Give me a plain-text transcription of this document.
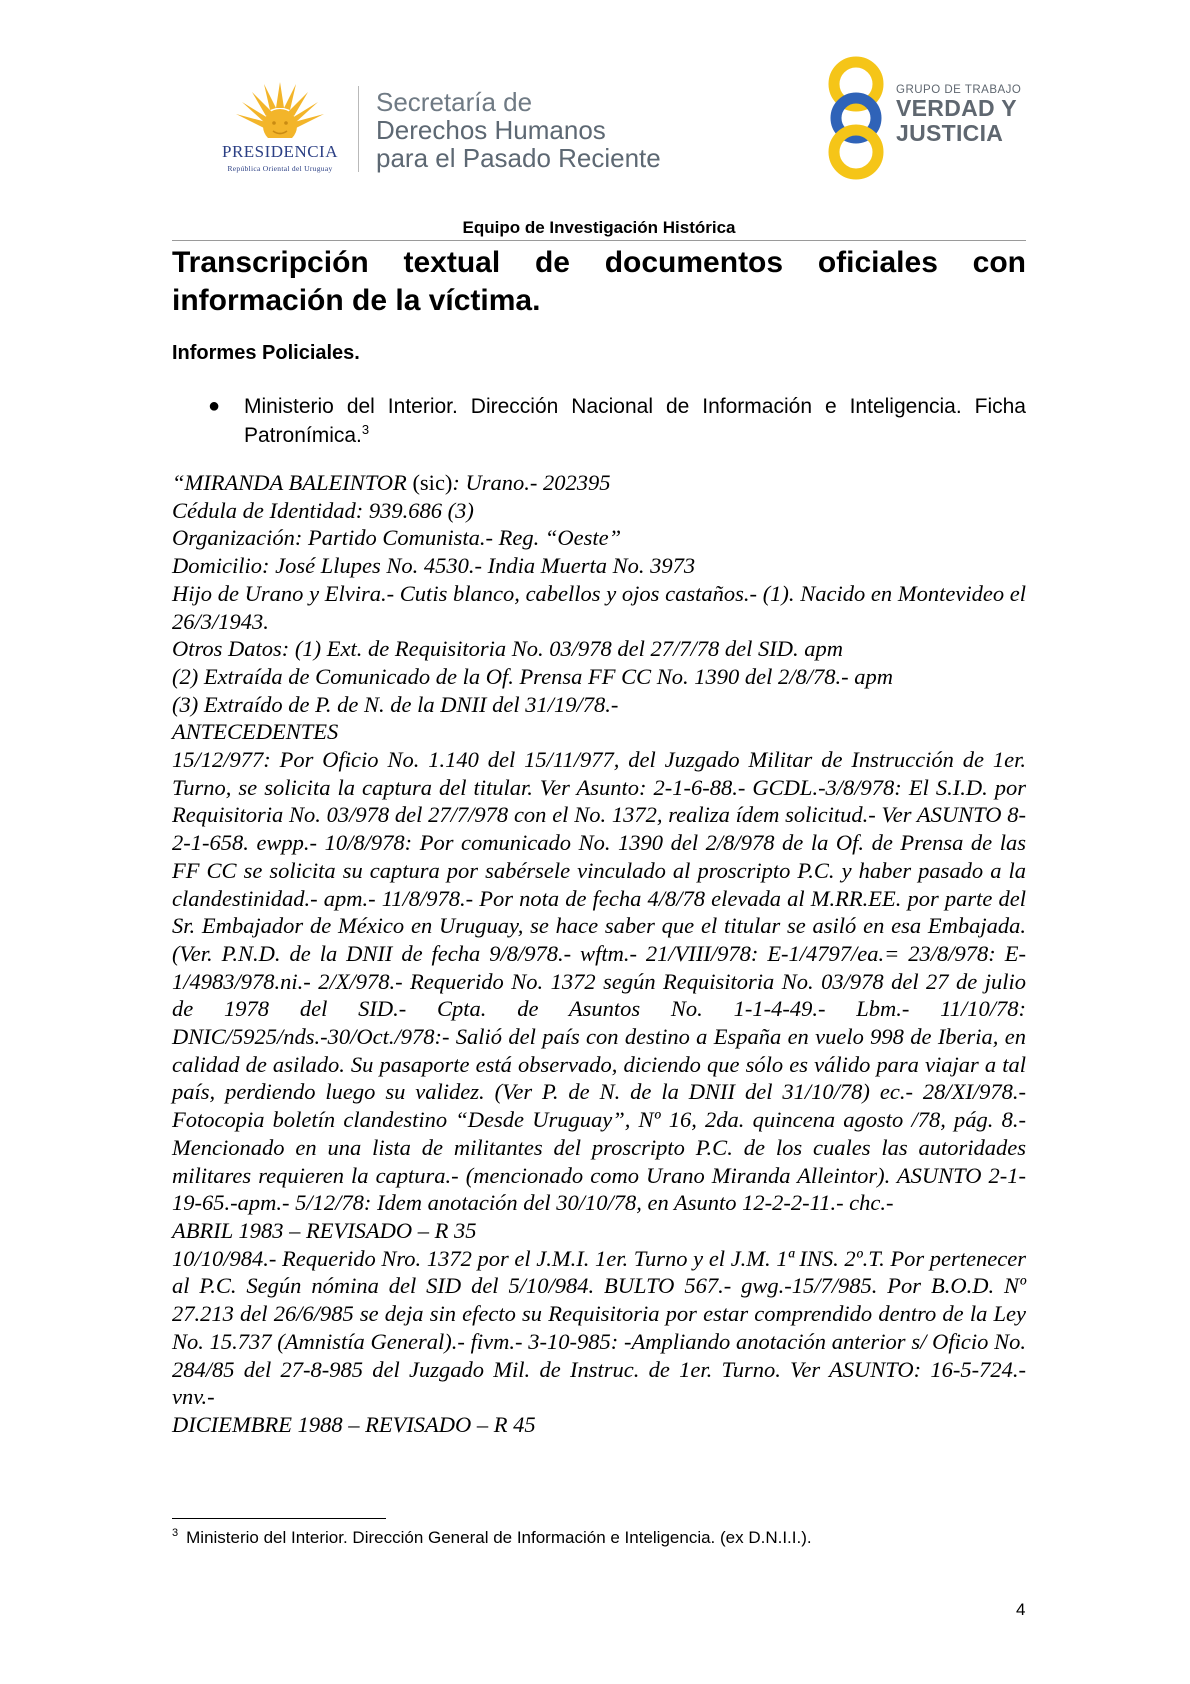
PRESIDENCIA
República Oriental del Uruguay
Secretaría de
Derechos Humanos
para el Pasado Reciente
GRUPO DE TRABAJO
VERDAD Y
JUSTICIA
Equipo de Investigación Histórica
Transcripción textual de documentos oficiales con información de la víctima.
Informes Policiales.
● Ministerio del Interior. Dirección Nacional de Información e Inteligencia. Ficha Patronímica.$^3$

“MIRANDA BALEINTOR (sic): Urano.- 202395

Cédula de Identidad: 939.686 (3)

Organización: Partido Comunista.- Reg. “Oeste”

Domicilio: José Llupes No. 4530.- India Muerta No. 3973

Hijo de Urano y Elvira.- Cutis blanco, cabellos y ojos castaños.- (1). Nacido en Montevideo el 26/3/1943.

Otros Datos: (1) Ext. de Requisitoria No. 03/978 del 27/7/78 del SID. apm

(2) Extraída de Comunicado de la Of. Prensa FF CC No. 1390 del 2/8/78.- apm

(3) Extraído de P. de N. de la DNII del 31/19/78.-

ANTECEDENTES

15/12/977: Por Oficio No. 1.140 del 15/11/977, del Juzgado Militar de Instrucción de 1er. Turno, se solicita la captura del titular. Ver Asunto: 2-1-6-88.- GCDL.-3/8/978: El S.I.D. por Requisitoria No. 03/978 del 27/7/978 con el No. 1372, realiza ídem solicitud.- Ver ASUNTO 8-2-1-658. ewpp.- 10/8/978: Por comunicado No. 1390 del 2/8/978 de la Of. de Prensa de las FF CC se solicita su captura por sabérsele vinculado al proscripto P.C. y haber pasado a la clandestinidad.- apm.- 11/8/978.- Por nota de fecha 4/8/78 elevada al M.RR.EE. por parte del Sr. Embajador de México en Uruguay, se hace saber que el titular se asiló en esa Embajada. (Ver. P.N.D. de la DNII de fecha 9/8/978.- wftm.- 21/VIII/978: E-1/4797/ea.= 23/8/978: E-1/4983/978.ni.- 2/X/978.- Requerido No. 1372 según Requisitoria No. 03/978 del 27 de julio de 1978 del SID.- Cpta. de Asuntos No. 1-1-4-49.- Lbm.- 11/10/78: DNIC/5925/nds.-30/Oct./978:- Salió del país con destino a España en vuelo 998 de Iberia, en calidad de asilado. Su pasaporte está observado, diciendo que sólo es válido para viajar a tal país, perdiendo luego su validez. (Ver P. de N. de la DNII del 31/10/78) ec.- 28/XI/978.-Fotocopia boletín clandestino “Desde Uruguay”, Nº 16, 2da. quincena agosto /78, pág. 8.- Mencionado en una lista de militantes del proscripto P.C. de los cuales las autoridades militares requieren la captura.- (mencionado como Urano Miranda Alleintor). ASUNTO 2-1-19-65.-apm.- 5/12/78: Idem anotación del 30/10/78, en Asunto 12-2-2-11.- chc.-

ABRIL 1983 – REVISADO – R 35

10/10/984.- Requerido Nro. 1372 por el J.M.I. 1er. Turno y el J.M. 1ª INS. 2º.T. Por pertenecer al P.C. Según nómina del SID del 5/10/984. BULTO 567.- gwg.-15/7/985. Por B.O.D. Nº 27.213 del 26/6/985 se deja sin efecto su Requisitoria por estar comprendido dentro de la Ley No. 15.737 (Amnistía General).- fivm.- 3-10-985: -Ampliando anotación anterior s/ Oficio No. 284/85 del 27-8-985 del Juzgado Mil. de Instruc. de 1er. Turno. Ver ASUNTO: 16-5-724.- vnv.-

DICIEMBRE 1988 – REVISADO – R 45

$^3$ Ministerio del Interior. Dirección General de Información e Inteligencia. (ex D.N.I.I.).
4
